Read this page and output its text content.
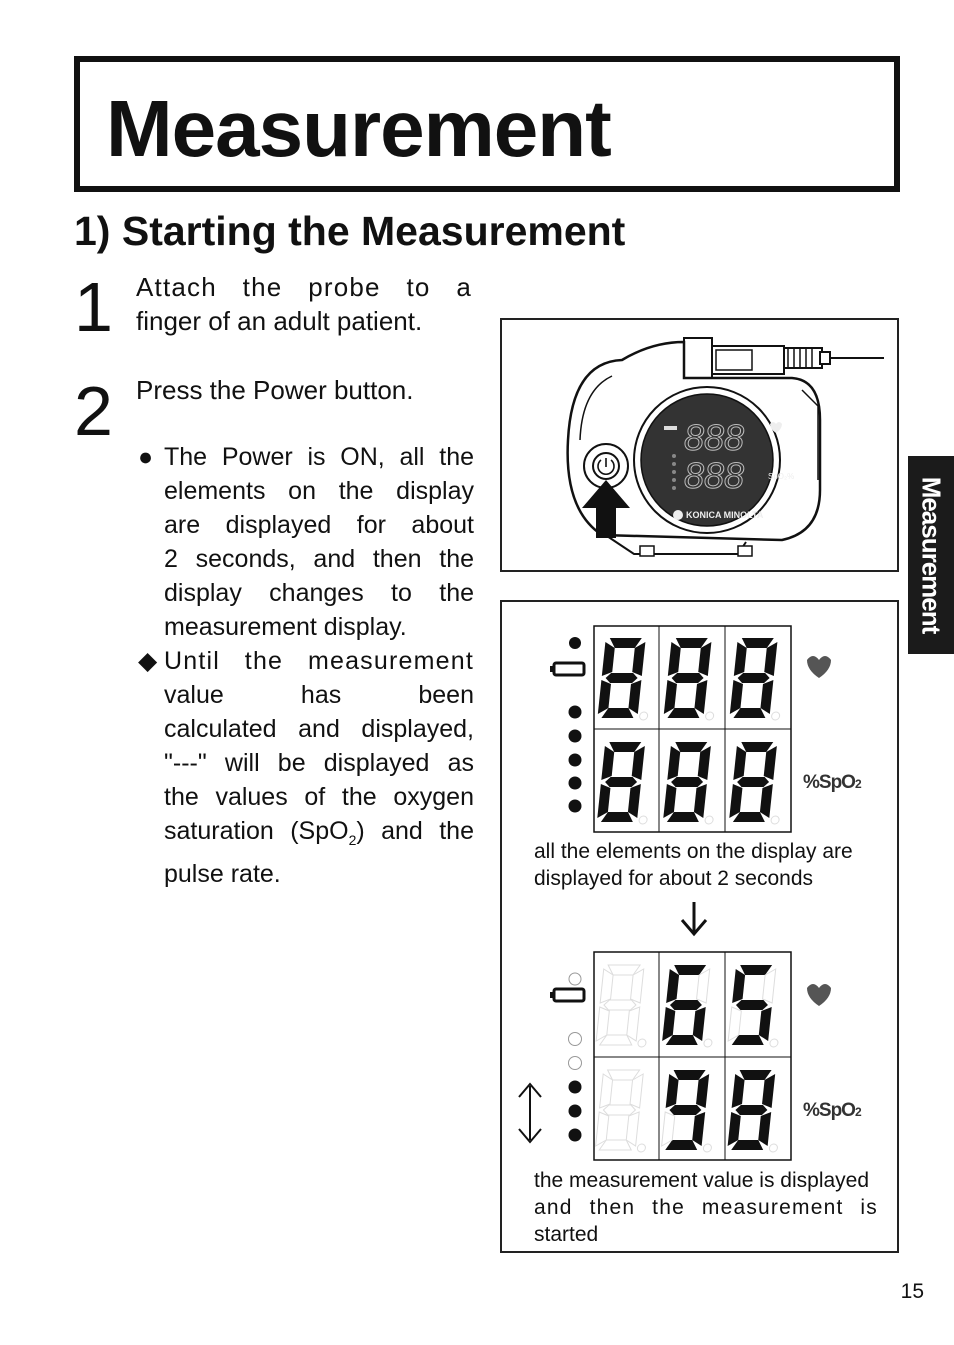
Measurement
1) Starting the Measurement
1 Attach the probe to a
finger of an adult patient.
2 Press the Power button.
● The Power is ON, all the
elements on the display
are displayed for about
2 seconds, and then the
display changes to the
measurement display.
◆ Until the measurement
value has been
calculated and displayed,
"---" will be displayed as
the values of the oxygen
saturation (SpO$_2$) and the
pulse rate.
888
888	SpO₂%
KONICA MINOLTA
%SpO2
%SpO2
all the elements on the display are
displayed for about 2 seconds
the measurement value is displayed
and then the measurement is
started
Measurement
15
